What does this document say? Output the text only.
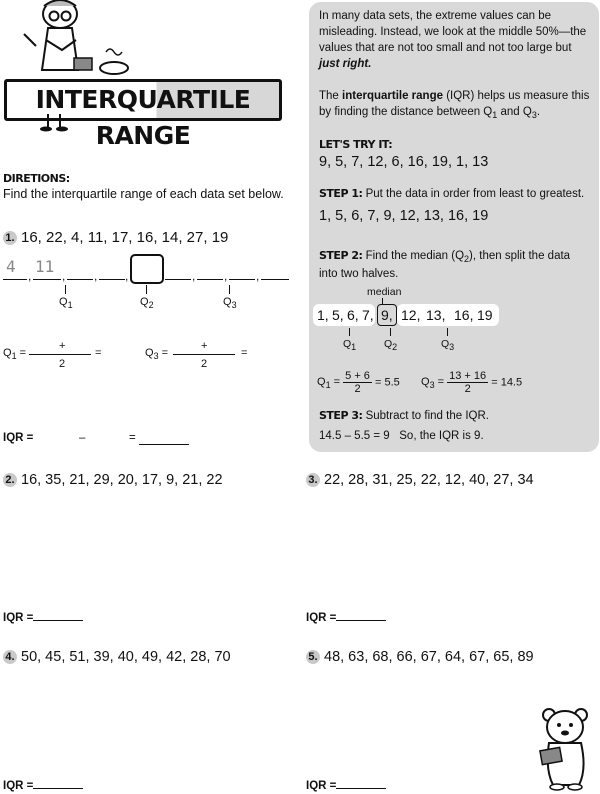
INTERQUARTILE RANGE
DIRETIONS:
Find the interquartile range of each data set below.
1. 16, 22, 4, 11, 17, 16, 14, 27, 19
4 11
,	, , ,	, , ,
$Q_1$	$Q_2$	$Q_3$
$Q_1$ =
+
2
=	$Q_3$ =
+
2
=
IQR =	–	=
In many data sets, the extreme values can be misleading. Instead, we look at the middle 50%—the values that are not too small and not too large but just right.
The interquartile range (IQR) helps us measure this by finding the distance between $Q_1$ and $Q_3$.
LET'S TRY IT:
9, 5, 7, 12, 6, 16, 19, 1, 13
STEP 1: Put the data in order from least to greatest.
1, 5, 6, 7, 9, 12, 13, 16, 19
STEP 2: Find the median $(Q_2)$, then split the data into two halves.
median
1, 5, 6, 7, 9, 12, 13, 16, 19
Q1	Q2	Q3
$Q_1 = \frac{5 + 6}{2} = 5.5$ $Q_3 = \frac{13 + 16}{2} = 14.5$
STEP 3: Subtract to find the IQR.
14.5 – 5.5 = 9 So, the IQR is 9.
2. 16, 35, 21, 29, 20, 17, 9, 21, 22	3. 22, 28, 31, 25, 22, 12, 40, 27, 34
IQR =	IQR =
4. 50, 45, 51, 39, 40, 49, 42, 28, 70	5. 48, 63, 68, 66, 67, 64, 67, 65, 89
IQR =	IQR =
